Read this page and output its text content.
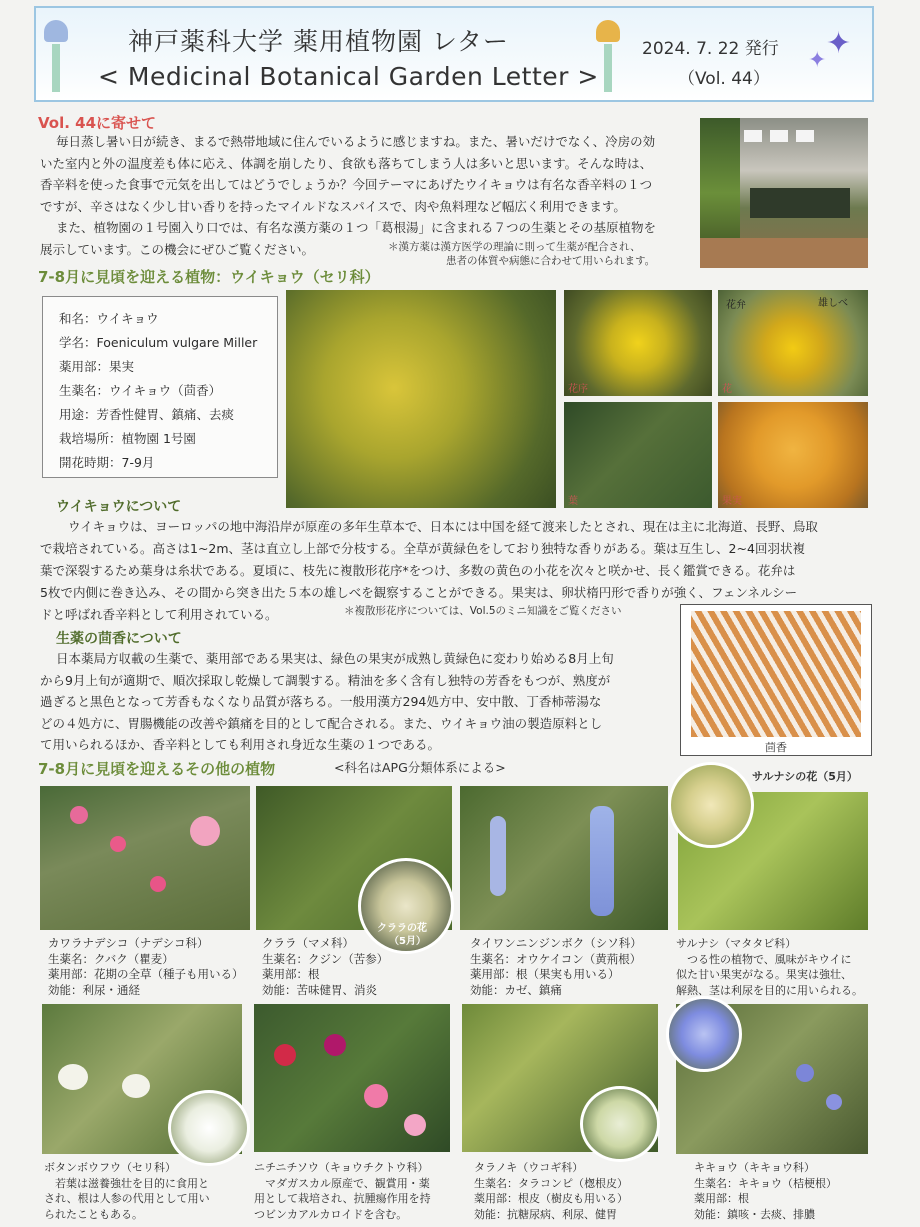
神戸薬科大学 薬用植物園 レター
< Medicinal Botanical Garden Letter >
2024. 7. 22 発行
（Vol. 44）
✦
✦
Vol. 44に寄せて
毎日蒸し暑い日が続き、まるで熱帯地域に住んでいるように感じますね。また、暑いだけでなく、冷房の効
いた室内と外の温度差も体に応え、体調を崩したり、食欲も落ちてしまう人は多いと思います。そんな時は、
香辛料を使った食事で元気を出してはどうでしょうか？今回テーマにあげたウイキョウは有名な香辛料の１つ
ですが、辛さはなく少し甘い香りを持ったマイルドなスパイスで、肉や魚料理など幅広く利用できます。
また、植物園の１号園入り口では、有名な漢方薬の１つ「葛根湯」に含まれる７つの生薬とその基原植物を
展示しています。この機会にぜひご覧ください。	＊漢方薬は漢方医学の理論に則って生薬が配合され、
患者の体質や病態に合わせて用いられます。
7-8月に見頃を迎える植物：ウイキョウ（セリ科）
和名：ウイキョウ
学名：Foeniculum vulgare Miller
薬用部：果実
生薬名：ウイキョウ（茴香）
用途：芳香性健胃、鎮痛、去痰
栽培場所：植物園 1号園
開花時期：7-9月
花序
花弁	雄しべ
花
葉	果実
ウイキョウについて
ウイキョウは、ヨーロッパの地中海沿岸が原産の多年生草本で、日本には中国を経て渡来したとされ、現在は主に北海道、長野、鳥取
で栽培されている。高さは1~2m、茎は直立し上部で分枝する。全草が黄緑色をしており独特な香りがある。葉は互生し、2~4回羽状複
葉で深裂するため葉身は糸状である。夏頃に、枝先に複散形花序*をつけ、多数の黄色の小花を次々と咲かせ、長く鑑賞できる。花弁は
5枚で内側に巻き込み、その間から突き出た５本の雄しべを観察することができる。果実は、卵状楕円形で香りが強く、フェンネルシー
ドと呼ばれ香辛料として利用されている。	＊複散形花序については、Vol.5のミニ知識をご覧ください
生薬の茴香について
日本薬局方収載の生薬で、薬用部である果実は、緑色の果実が成熟し黄緑色に変わり始める8月上旬
から9月上旬が適期で、順次採取し乾燥して調製する。精油を多く含有し独特の芳香をもつが、熟度が
過ぎると黒色となって芳香もなくなり品質が落ちる。一般用漢方294処方中、安中散、丁香柿蒂湯な
どの４処方に、胃腸機能の改善や鎮痛を目的として配合される。また、ウイキョウ油の製造原料とし
て用いられるほか、香辛料としても利用され身近な生薬の１つである。	茴香
7-8月に見頃を迎えるその他の植物	<科名はAPG分類体系による>
クララの花
（5月）
サルナシの花（5月）
カワラナデシコ（ナデシコ科）
生薬名：クバク（瞿麦）
薬用部：花期の全草（種子も用いる）
効能：利尿・通経
クララ（マメ科）
生薬名：クジン（苦参）
薬用部：根
効能：苦味健胃、消炎
タイワンニンジンボク（シソ科）
生薬名：オウケイコン（黄荊根）
薬用部：根（果実も用いる）
効能：カゼ、鎮痛
サルナシ（マタタビ科）
　つる性の植物で、風味がキウイに
似た甘い果実がなる。果実は強壮、
解熱、茎は利尿を目的に用いられる。
ボタンボウフウ（セリ科）
　若葉は滋養強壮を目的に食用と
され、根は人参の代用として用い
られたこともある。
ニチニチソウ（キョウチクトウ科）
　マダガスカル原産で、観賞用・薬
用として栽培され、抗腫瘍作用を持
つビンカアルカロイドを含む。
タラノキ（ウコギ科）
生薬名：タラコンピ（楤根皮）
薬用部：根皮（樹皮も用いる）
効能：抗糖尿病、利尿、健胃
キキョウ（キキョウ科）
生薬名：キキョウ（桔梗根）
薬用部：根
効能：鎮咳・去痰、排膿
